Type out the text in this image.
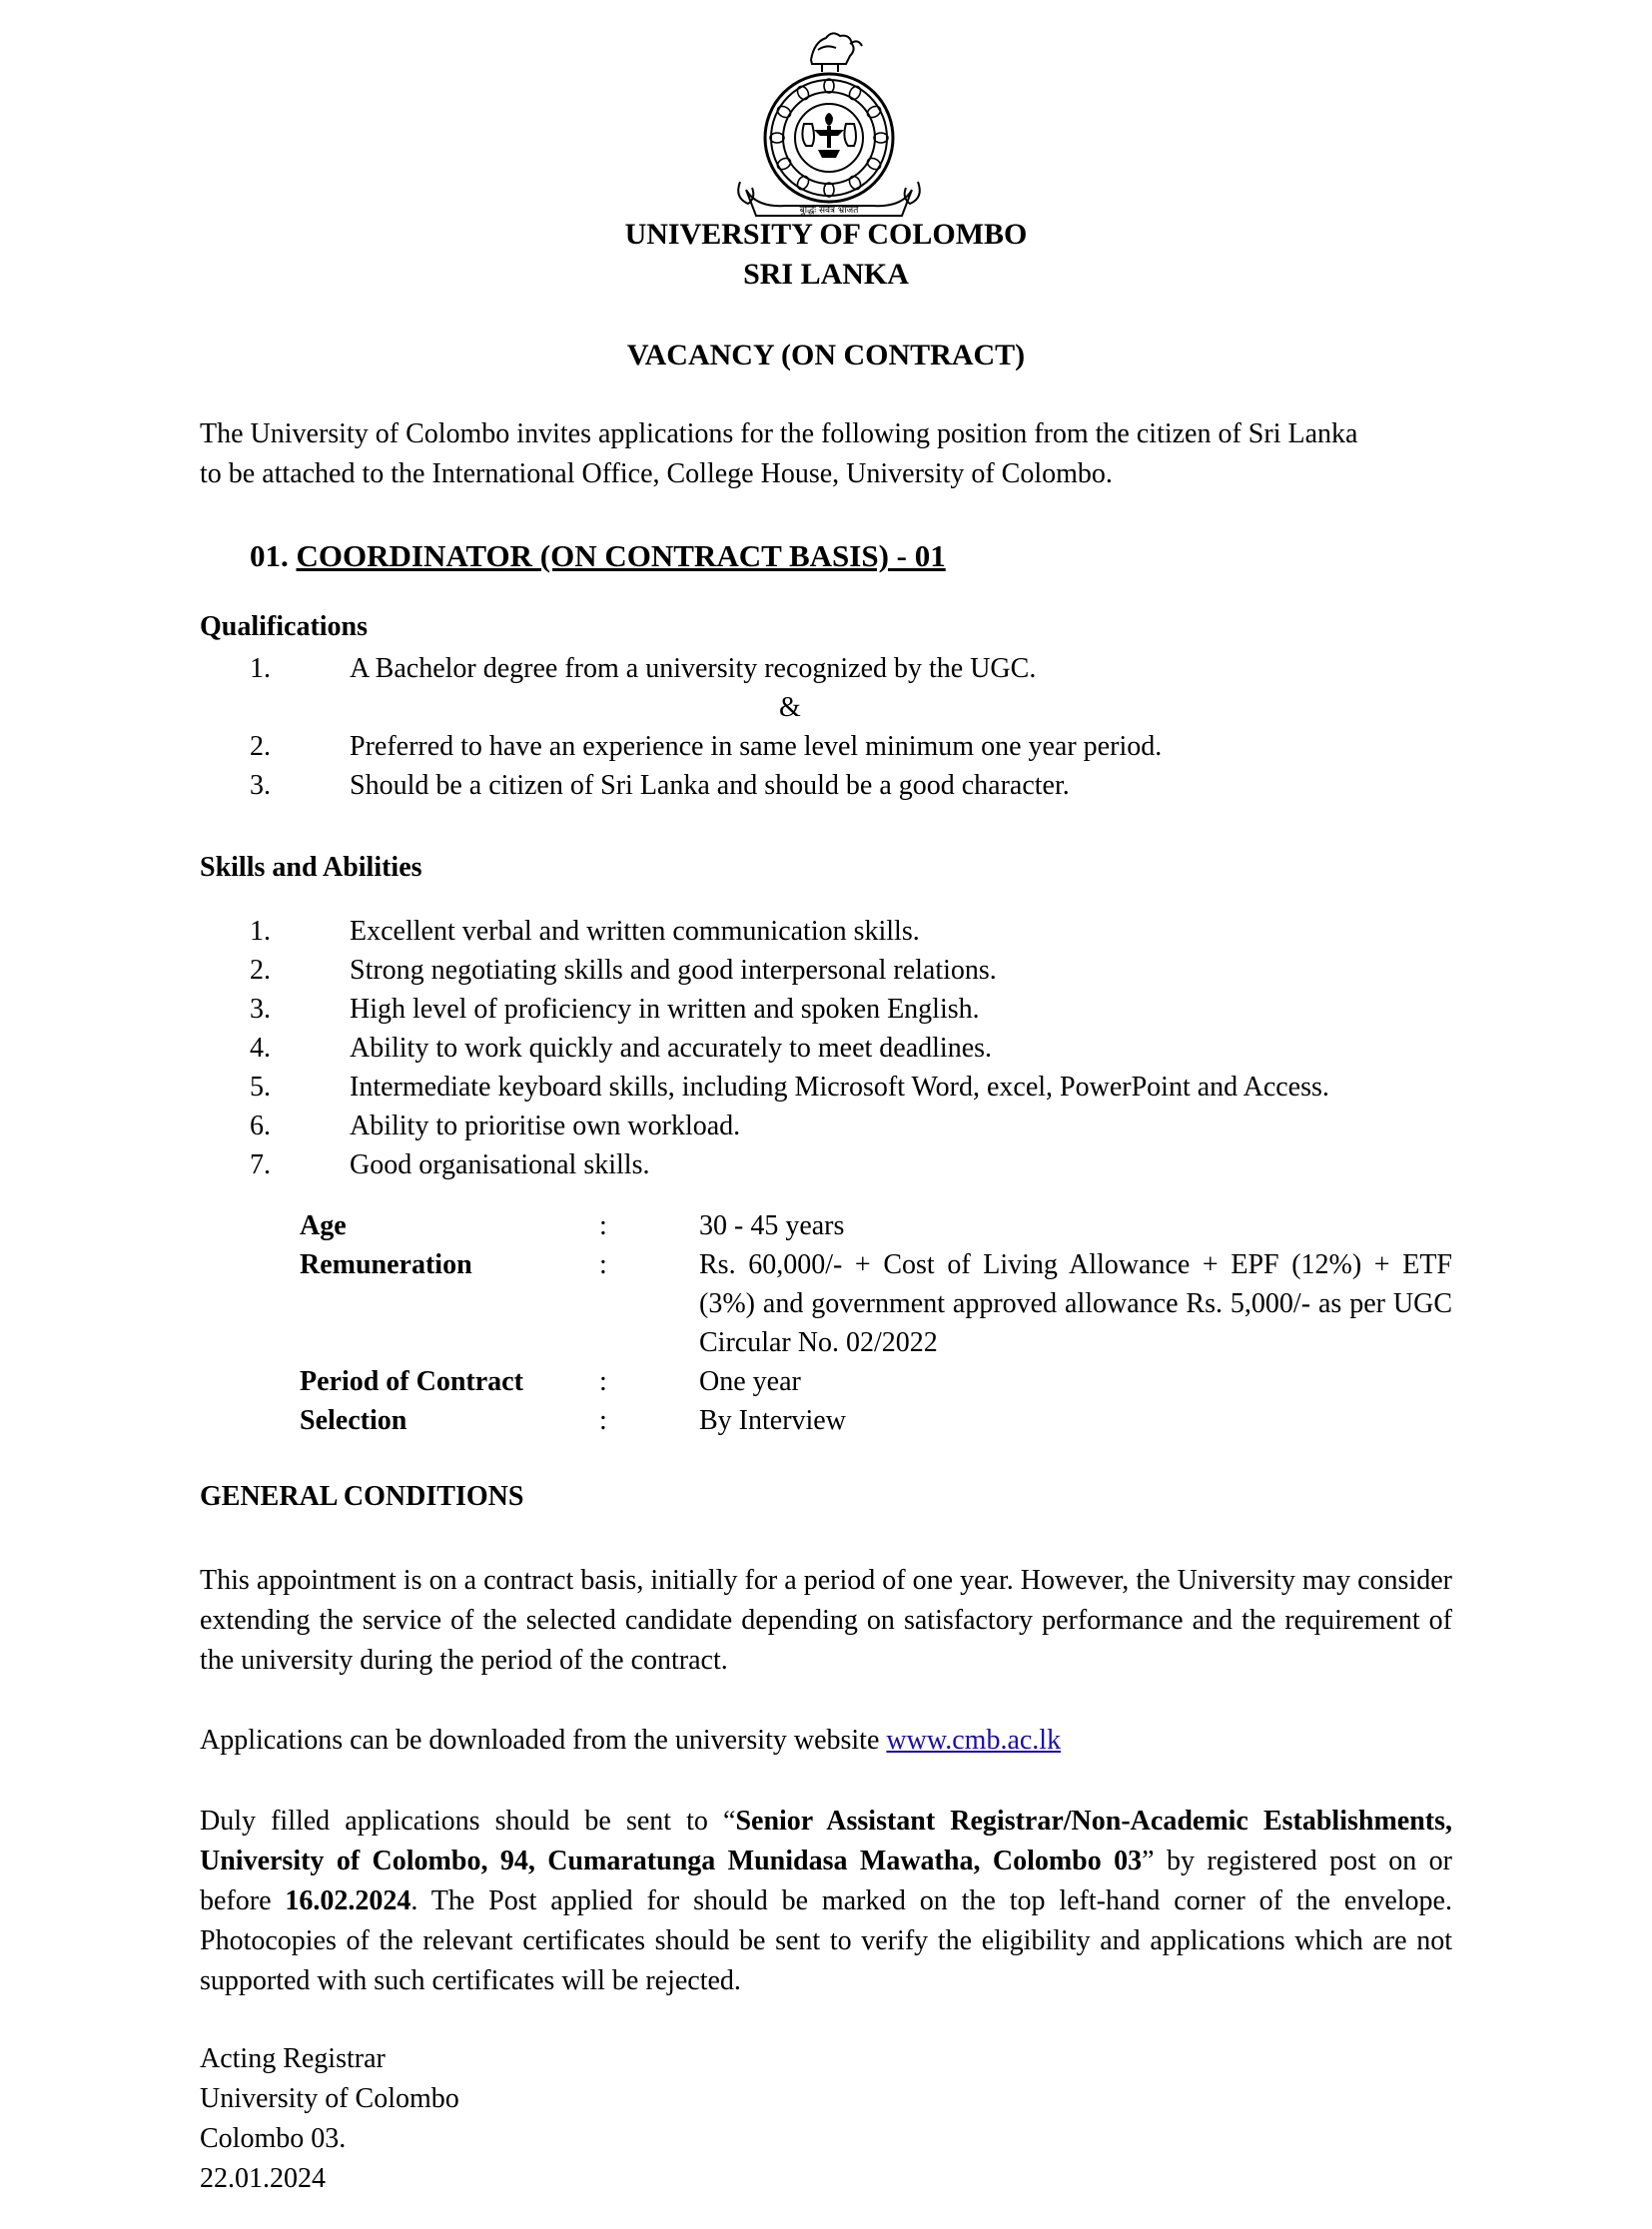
बुद्धिः सर्वत्र भ्राजते
UNIVERSITY OF COLOMBO
SRI LANKA
VACANCY (ON CONTRACT)
The University of Colombo invites applications for the following position from the citizen of Sri Lanka
to be attached to the International Office, College House, University of Colombo.
01. COORDINATOR (ON CONTRACT BASIS) - 01
Qualifications
1.	A Bachelor degree from a university recognized by the UGC.
&
2.	Preferred to have an experience in same level minimum one year period.
3.	Should be a citizen of Sri Lanka and should be a good character.
Skills and Abilities
1.	Excellent verbal and written communication skills.
2.	Strong negotiating skills and good interpersonal relations.
3.	High level of proficiency in written and spoken English.
4.	Ability to work quickly and accurately to meet deadlines.
5.	Intermediate keyboard skills, including Microsoft Word, excel, PowerPoint and Access.
6.	Ability to prioritise own workload.
7.	Good organisational skills.
Age	:	30 - 45 years
Remuneration	:	Rs. 60,000/- + Cost of Living Allowance + EPF (12%) + ETF (3%) and government approved allowance Rs. 5,000/- as per UGC Circular No. 02/2022
Period of Contract	:	One year
Selection	:	By Interview
GENERAL CONDITIONS
This appointment is on a contract basis, initially for a period of one year. However, the University may consider extending the service of the selected candidate depending on satisfactory performance and the requirement of the university during the period of the contract.
Applications can be downloaded from the university website www.cmb.ac.lk
Duly filled applications should be sent to “Senior Assistant Registrar/Non-Academic Establishments, University of Colombo, 94, Cumaratunga Munidasa Mawatha, Colombo 03” by registered post on or before 16.02.2024. The Post applied for should be marked on the top left-hand corner of the envelope. Photocopies of the relevant certificates should be sent to verify the eligibility and applications which are not supported with such certificates will be rejected.
Acting Registrar
University of Colombo
Colombo 03.
22.01.2024
